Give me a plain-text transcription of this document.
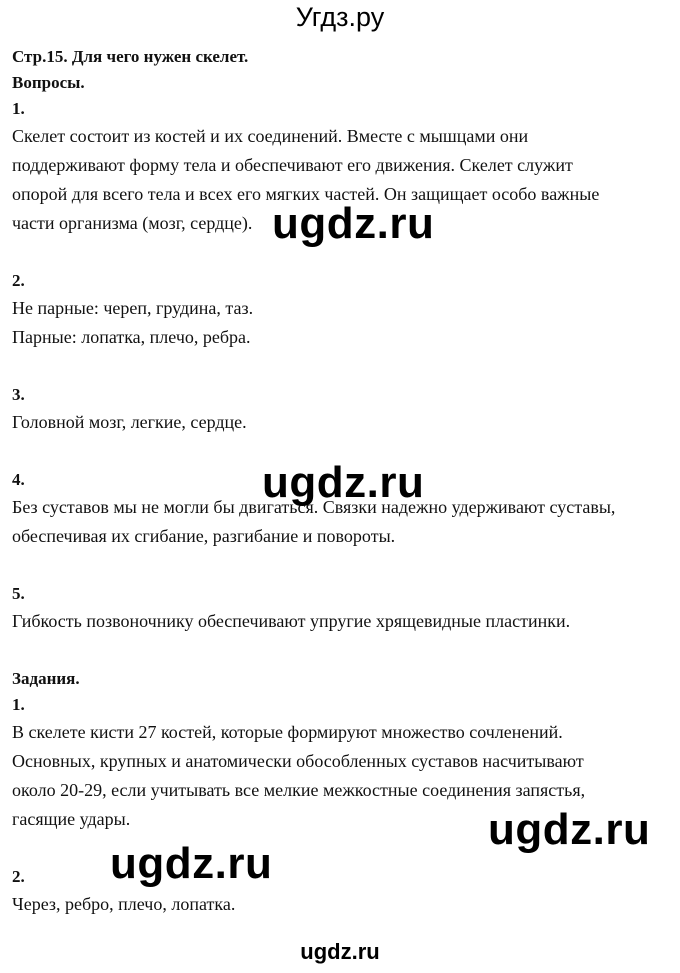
Угдз.ру

Стр.15. Для чего нужен скелет.

Вопросы.

1.

Скелет состоит из костей и их соединений. Вместе с мышцами они

поддерживают форму тела и обеспечивают его движения. Скелет служит

опорой для всего тела и всех его мягких частей. Он защищает особо важные

части организма (мозг, сердце).

2.

Не парные: череп, грудина, таз.

Парные: лопатка, плечо, ребра.

3.

Головной мозг, легкие, сердце.

4.

Без суставов мы не могли бы двигаться. Связки надежно удерживают суставы,

обеспечивая их сгибание, разгибание и повороты.

5.

Гибкость позвоночнику обеспечивают упругие хрящевидные пластинки.

Задания.

1.

В скелете кисти 27 костей, которые формируют множество сочленений.

Основных, крупных и анатомически обособленных суставов насчитывают

около 20-29, если учитывать все мелкие межкостные соединения запястья,

гасящие удары.

2.

Через, ребро, плечо, лопатка.

ugdz.ru
ugdz.ru
ugdz.ru
ugdz.ru
ugdz.ru
